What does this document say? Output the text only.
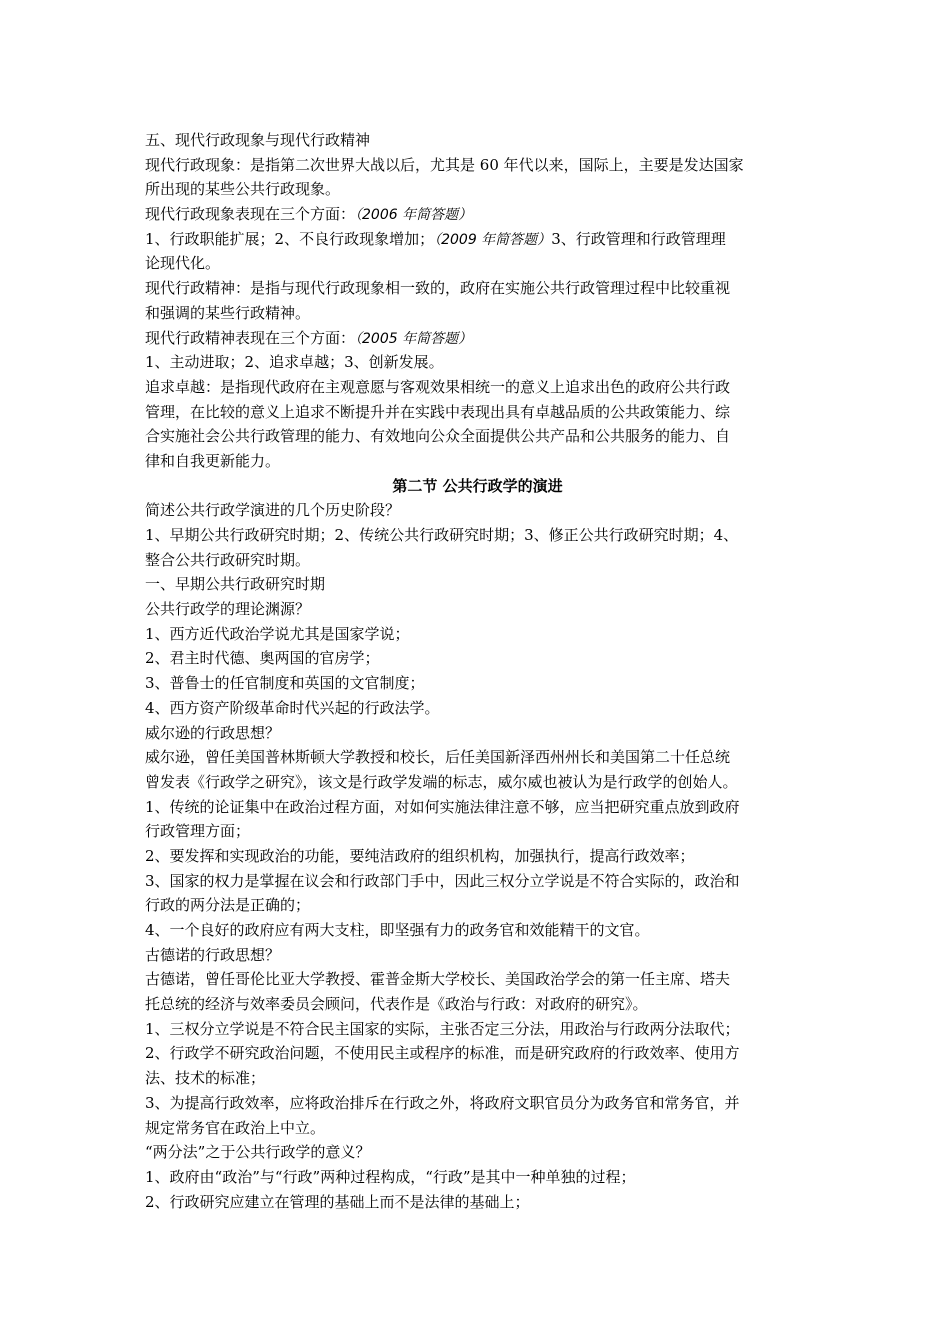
五、现代行政现象与现代行政精神
现代行政现象：是指第二次世界大战以后，尤其是 60 年代以来，国际上，主要是发达国家
所出现的某些公共行政现象。
现代行政现象表现在三个方面：（2006 年简答题）
1、行政职能扩展；2、不良行政现象增加；（2009 年简答题）3、行政管理和行政管理理
论现代化。
现代行政精神：是指与现代行政现象相一致的，政府在实施公共行政管理过程中比较重视
和强调的某些行政精神。
现代行政精神表现在三个方面：（2005 年简答题）
1、主动进取；2、追求卓越；3、创新发展。
追求卓越：是指现代政府在主观意愿与客观效果相统一的意义上追求出色的政府公共行政
管理，在比较的意义上追求不断提升并在实践中表现出具有卓越品质的公共政策能力、综
合实施社会公共行政管理的能力、有效地向公众全面提供公共产品和公共服务的能力、自
律和自我更新能力。
第二节 公共行政学的演进
简述公共行政学演进的几个历史阶段？
1、早期公共行政研究时期；2、传统公共行政研究时期；3、修正公共行政研究时期；4、
整合公共行政研究时期。
一、早期公共行政研究时期
公共行政学的理论渊源？
1、西方近代政治学说尤其是国家学说；
2、君主时代德、奥两国的官房学；
3、普鲁士的任官制度和英国的文官制度；
4、西方资产阶级革命时代兴起的行政法学。
威尔逊的行政思想？
威尔逊，曾任美国普林斯顿大学教授和校长，后任美国新泽西州州长和美国第二十任总统
曾发表《行政学之研究》，该文是行政学发端的标志，威尔威也被认为是行政学的创始人。
1、传统的论证集中在政治过程方面，对如何实施法律注意不够，应当把研究重点放到政府
行政管理方面；
2、要发挥和实现政治的功能，要纯洁政府的组织机构，加强执行，提高行政效率；
3、国家的权力是掌握在议会和行政部门手中，因此三权分立学说是不符合实际的，政治和
行政的两分法是正确的；
4、一个良好的政府应有两大支柱，即坚强有力的政务官和效能精干的文官。
古德诺的行政思想？
古德诺，曾任哥伦比亚大学教授、霍普金斯大学校长、美国政治学会的第一任主席、塔夫
托总统的经济与效率委员会顾问，代表作是《政治与行政：对政府的研究》。
1、三权分立学说是不符合民主国家的实际，主张否定三分法，用政治与行政两分法取代；
2、行政学不研究政治问题，不使用民主或程序的标准，而是研究政府的行政效率、使用方
法、技术的标准；
3、为提高行政效率，应将政治排斥在行政之外，将政府文职官员分为政务官和常务官，并
规定常务官在政治上中立。
“两分法”之于公共行政学的意义？
1、政府由“政治”与“行政”两种过程构成，“行政”是其中一种单独的过程；
2、行政研究应建立在管理的基础上而不是法律的基础上；
